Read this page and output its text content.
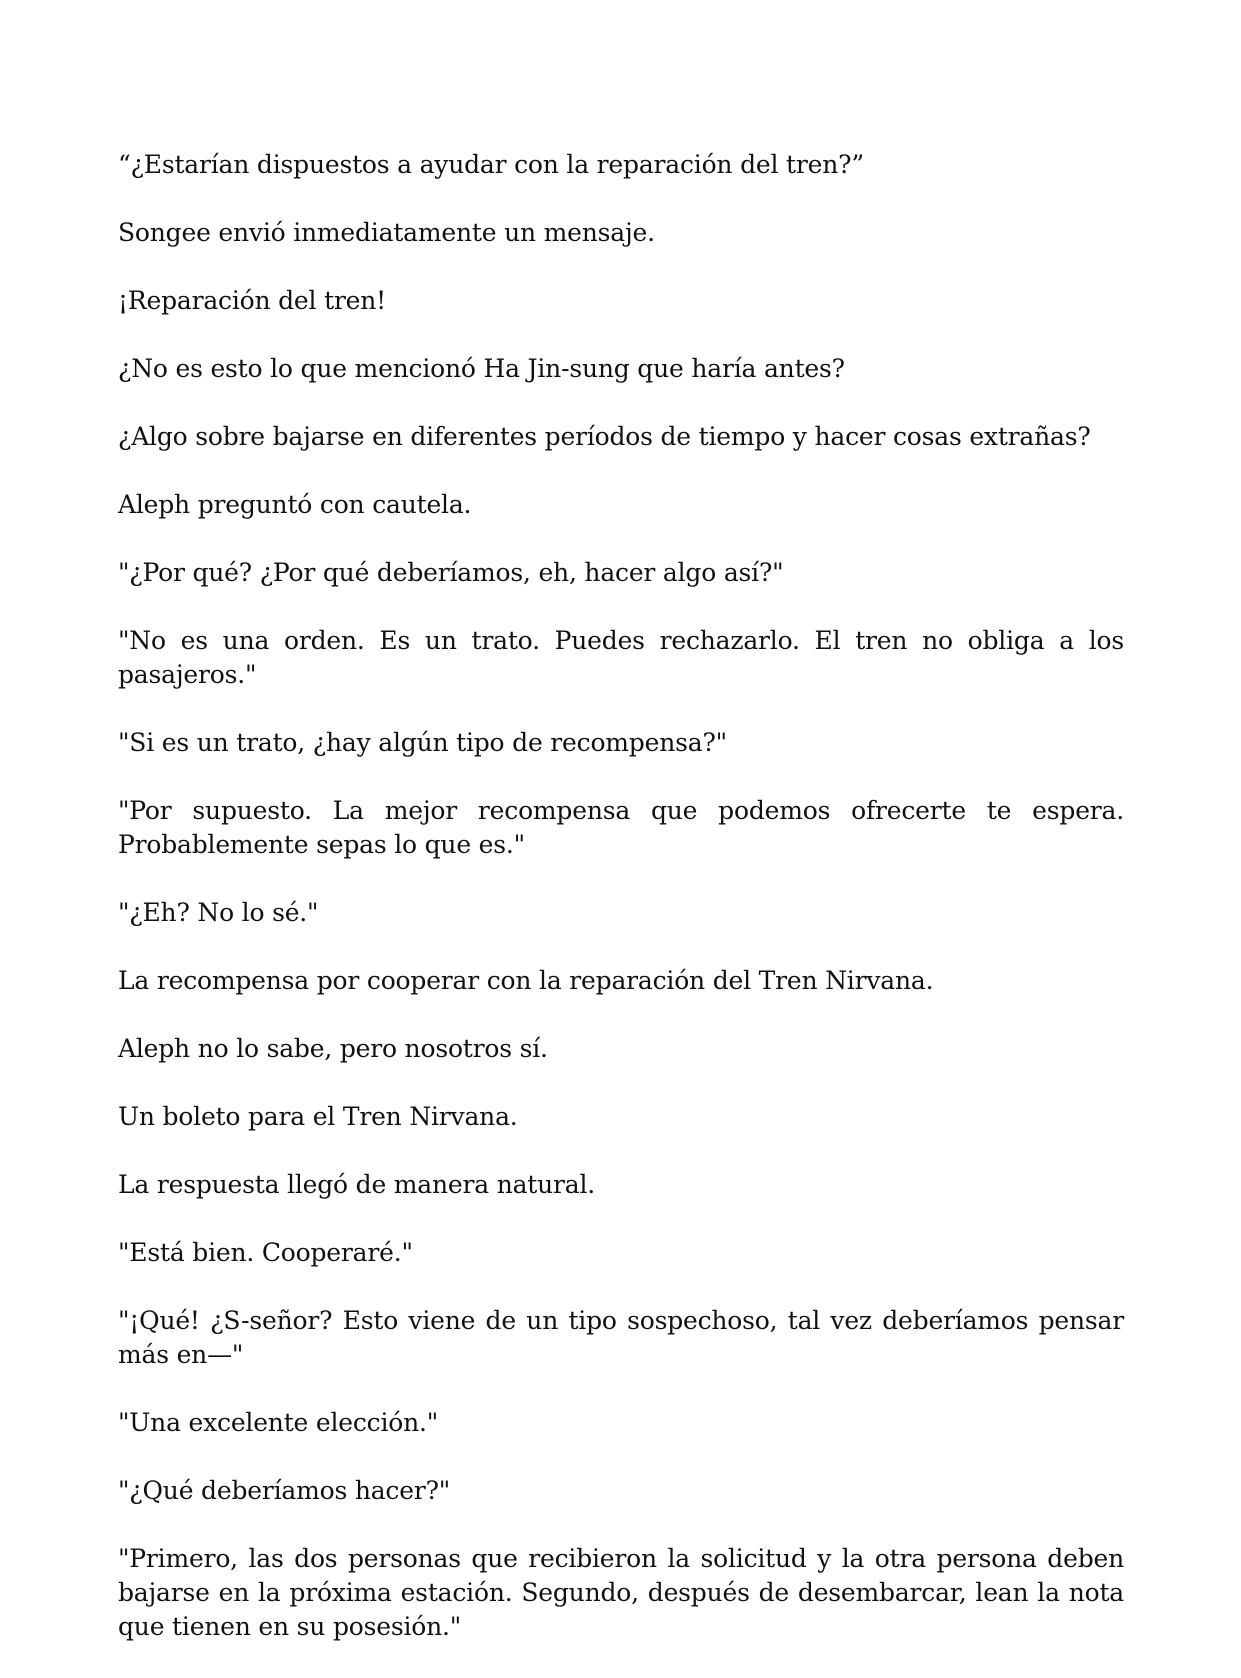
“¿Estarían dispuestos a ayudar con la reparación del tren?”

Songee envió inmediatamente un mensaje.

¡Reparación del tren!

¿No es esto lo que mencionó Ha Jin-sung que haría antes?

¿Algo sobre bajarse en diferentes períodos de tiempo y hacer cosas extrañas?

Aleph preguntó con cautela.

"¿Por qué? ¿Por qué deberíamos, eh, hacer algo así?"

"No es una orden. Es un trato. Puedes rechazarlo. El tren no obliga a los pasajeros."

"Si es un trato, ¿hay algún tipo de recompensa?"

"Por supuesto. La mejor recompensa que podemos ofrecerte te espera. Probablemente sepas lo que es."

"¿Eh? No lo sé."

La recompensa por cooperar con la reparación del Tren Nirvana.

Aleph no lo sabe, pero nosotros sí.

Un boleto para el Tren Nirvana.

La respuesta llegó de manera natural.

"Está bien. Cooperaré."

"¡Qué! ¿S-señor? Esto viene de un tipo sospechoso, tal vez deberíamos pensar más en—"

"Una excelente elección."

"¿Qué deberíamos hacer?"

"Primero, las dos personas que recibieron la solicitud y la otra persona deben bajarse en la próxima estación. Segundo, después de desembarcar, lean la nota que tienen en su posesión."
